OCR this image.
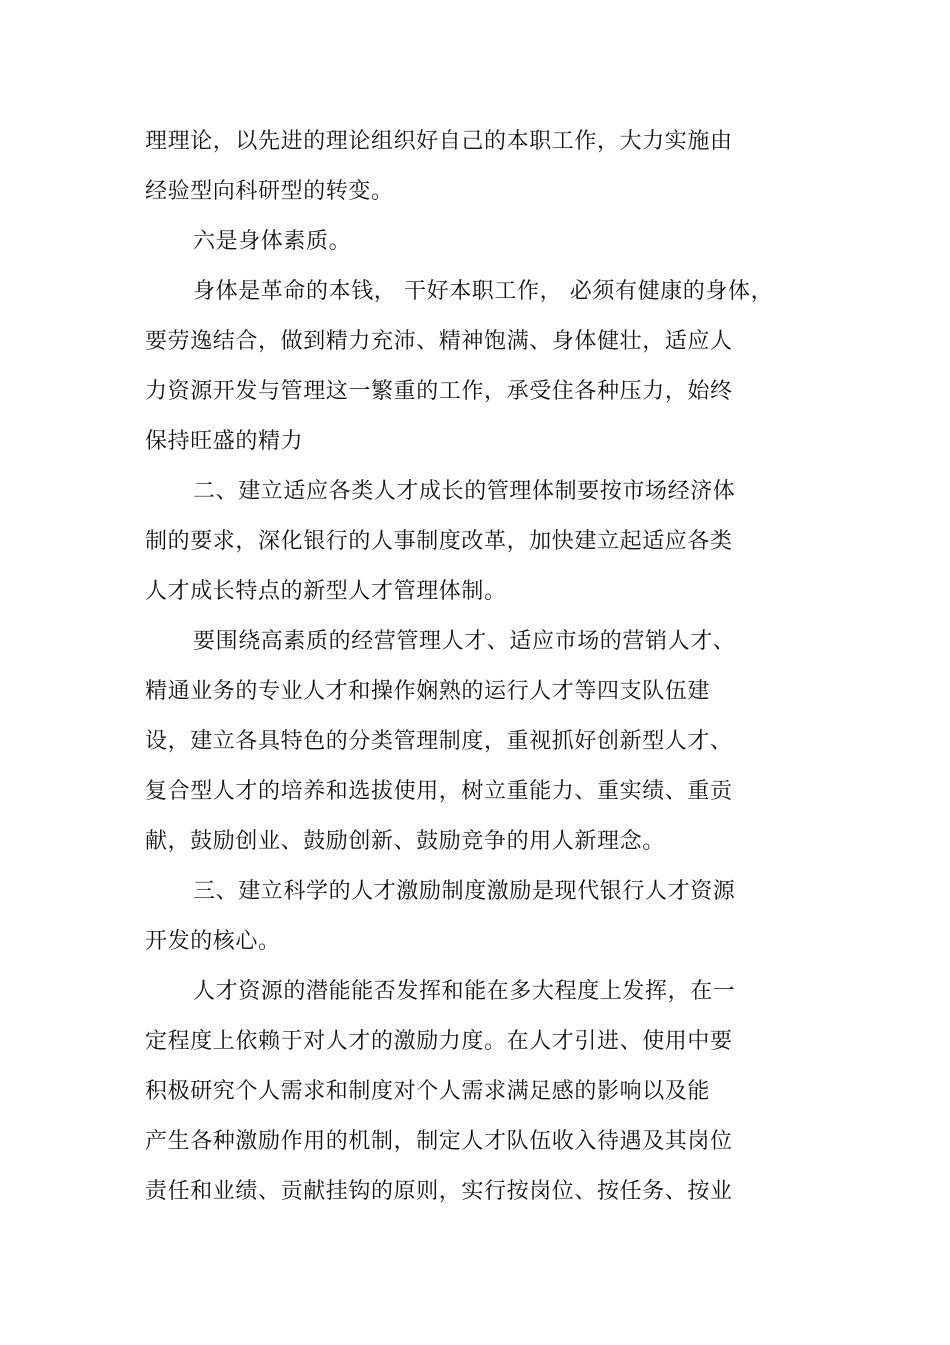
理理论，以先进的理论组织好自己的本职工作，大力实施由
经验型向科研型的转变。
六是身体素质。
身体是革命的本钱， 干好本职工作， 必须有健康的身体，
要劳逸结合，做到精力充沛、精神饱满、身体健壮，适应人
力资源开发与管理这一繁重的工作，承受住各种压力，始终
保持旺盛的精力
二、建立适应各类人才成长的管理体制要按市场经济体
制的要求，深化银行的人事制度改革，加快建立起适应各类
人才成长特点的新型人才管理体制。
要围绕高素质的经营管理人才、适应市场的营销人才、
精通业务的专业人才和操作娴熟的运行人才等四支队伍建
设，建立各具特色的分类管理制度，重视抓好创新型人才、
复合型人才的培养和选拔使用，树立重能力、重实绩、重贡
献，鼓励创业、鼓励创新、鼓励竞争的用人新理念。
三、建立科学的人才激励制度激励是现代银行人才资源
开发的核心。
人才资源的潜能能否发挥和能在多大程度上发挥，在一
定程度上依赖于对人才的激励力度。在人才引进、使用中要
积极研究个人需求和制度对个人需求满足感的影响以及能
产生各种激励作用的机制，制定人才队伍收入待遇及其岗位
责任和业绩、贡献挂钩的原则，实行按岗位、按任务、按业
